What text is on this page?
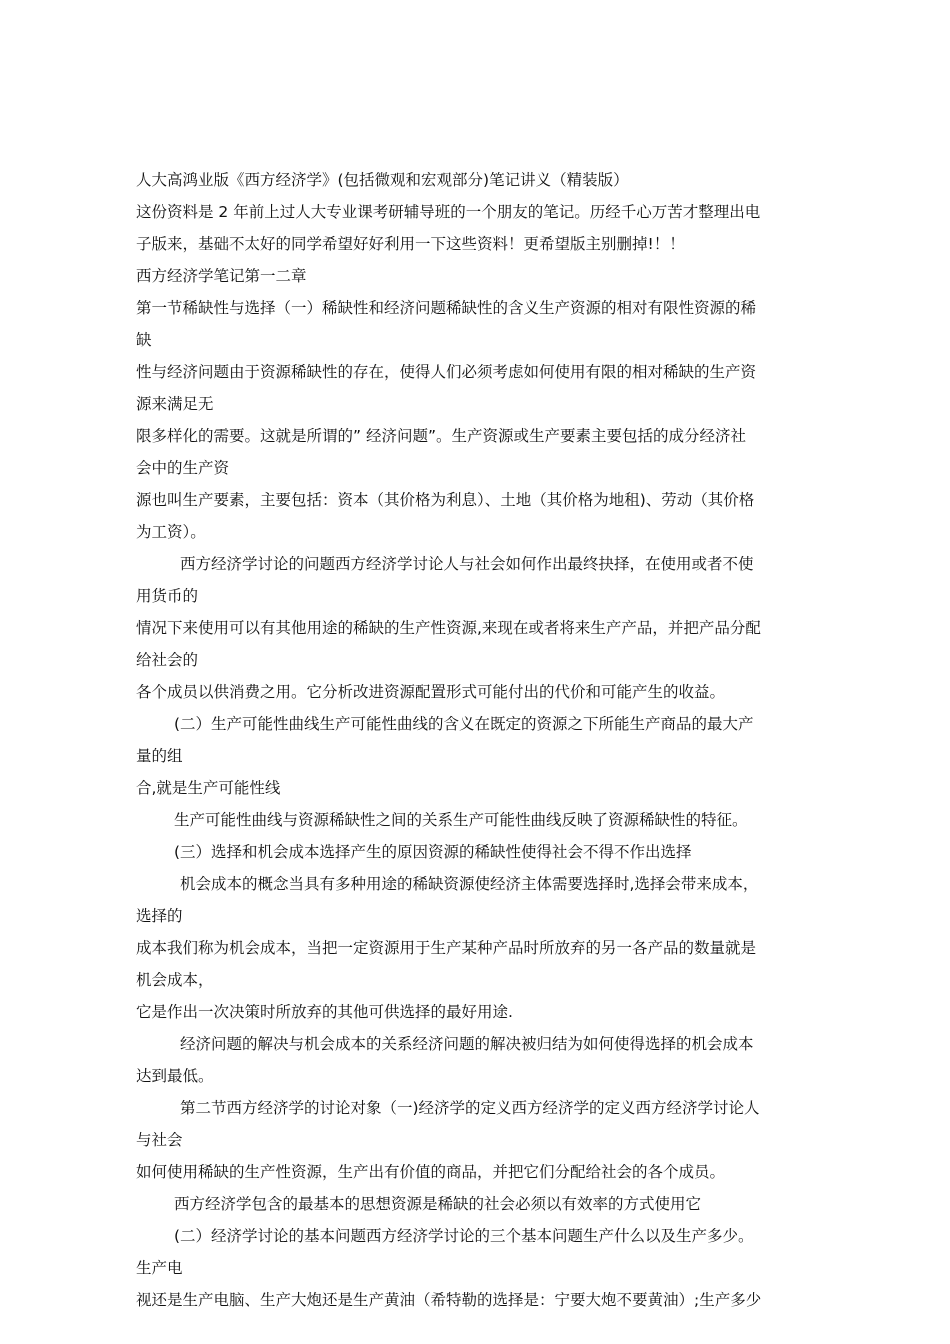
人大高鸿业版《西方经济学》(包括微观和宏观部分)笔记讲义（精装版）
这份资料是 2 年前上过人大专业课考研辅导班的一个朋友的笔记。历经千心万苦才整理出电
子版来，基础不太好的同学希望好好利用一下这些资料！更希望版主别删掉!！！
西方经济学笔记第一二章
第一节稀缺性与选择（一）稀缺性和经济问题稀缺性的含义生产资源的相对有限性资源的稀
缺
性与经济问题由于资源稀缺性的存在，使得人们必须考虑如何使用有限的相对稀缺的生产资
源来满足无
限多样化的需要。这就是所谓的” 经济问题”。生产资源或生产要素主要包括的成分经济社
会中的生产资
源也叫生产要素，主要包括：资本（其价格为利息）、土地（其价格为地租)、劳动（其价格
为工资）。
西方经济学讨论的问题西方经济学讨论人与社会如何作出最终抉择，在使用或者不使
用货币的
情况下来使用可以有其他用途的稀缺的生产性资源,来现在或者将来生产产品，并把产品分配
给社会的
各个成员以供消费之用。它分析改进资源配置形式可能付出的代价和可能产生的收益。
(二）生产可能性曲线生产可能性曲线的含义在既定的资源之下所能生产商品的最大产
量的组
合,就是生产可能性线
生产可能性曲线与资源稀缺性之间的关系生产可能性曲线反映了资源稀缺性的特征。
(三）选择和机会成本选择产生的原因资源的稀缺性使得社会不得不作出选择
机会成本的概念当具有多种用途的稀缺资源使经济主体需要选择时,选择会带来成本，
选择的
成本我们称为机会成本，当把一定资源用于生产某种产品时所放弃的另一各产品的数量就是
机会成本，
它是作出一次决策时所放弃的其他可供选择的最好用途.
经济问题的解决与机会成本的关系经济问题的解决被归结为如何使得选择的机会成本
达到最低。
第二节西方经济学的讨论对象（一)经济学的定义西方经济学的定义西方经济学讨论人
与社会
如何使用稀缺的生产性资源，生产出有价值的商品，并把它们分配给社会的各个成员。
西方经济学包含的最基本的思想资源是稀缺的社会必须以有效率的方式使用它
(二）经济学讨论的基本问题西方经济学讨论的三个基本问题生产什么以及生产多少。
生产电
视还是生产电脑、生产大炮还是生产黄油（希特勒的选择是：宁要大炮不要黄油）;生产多少
